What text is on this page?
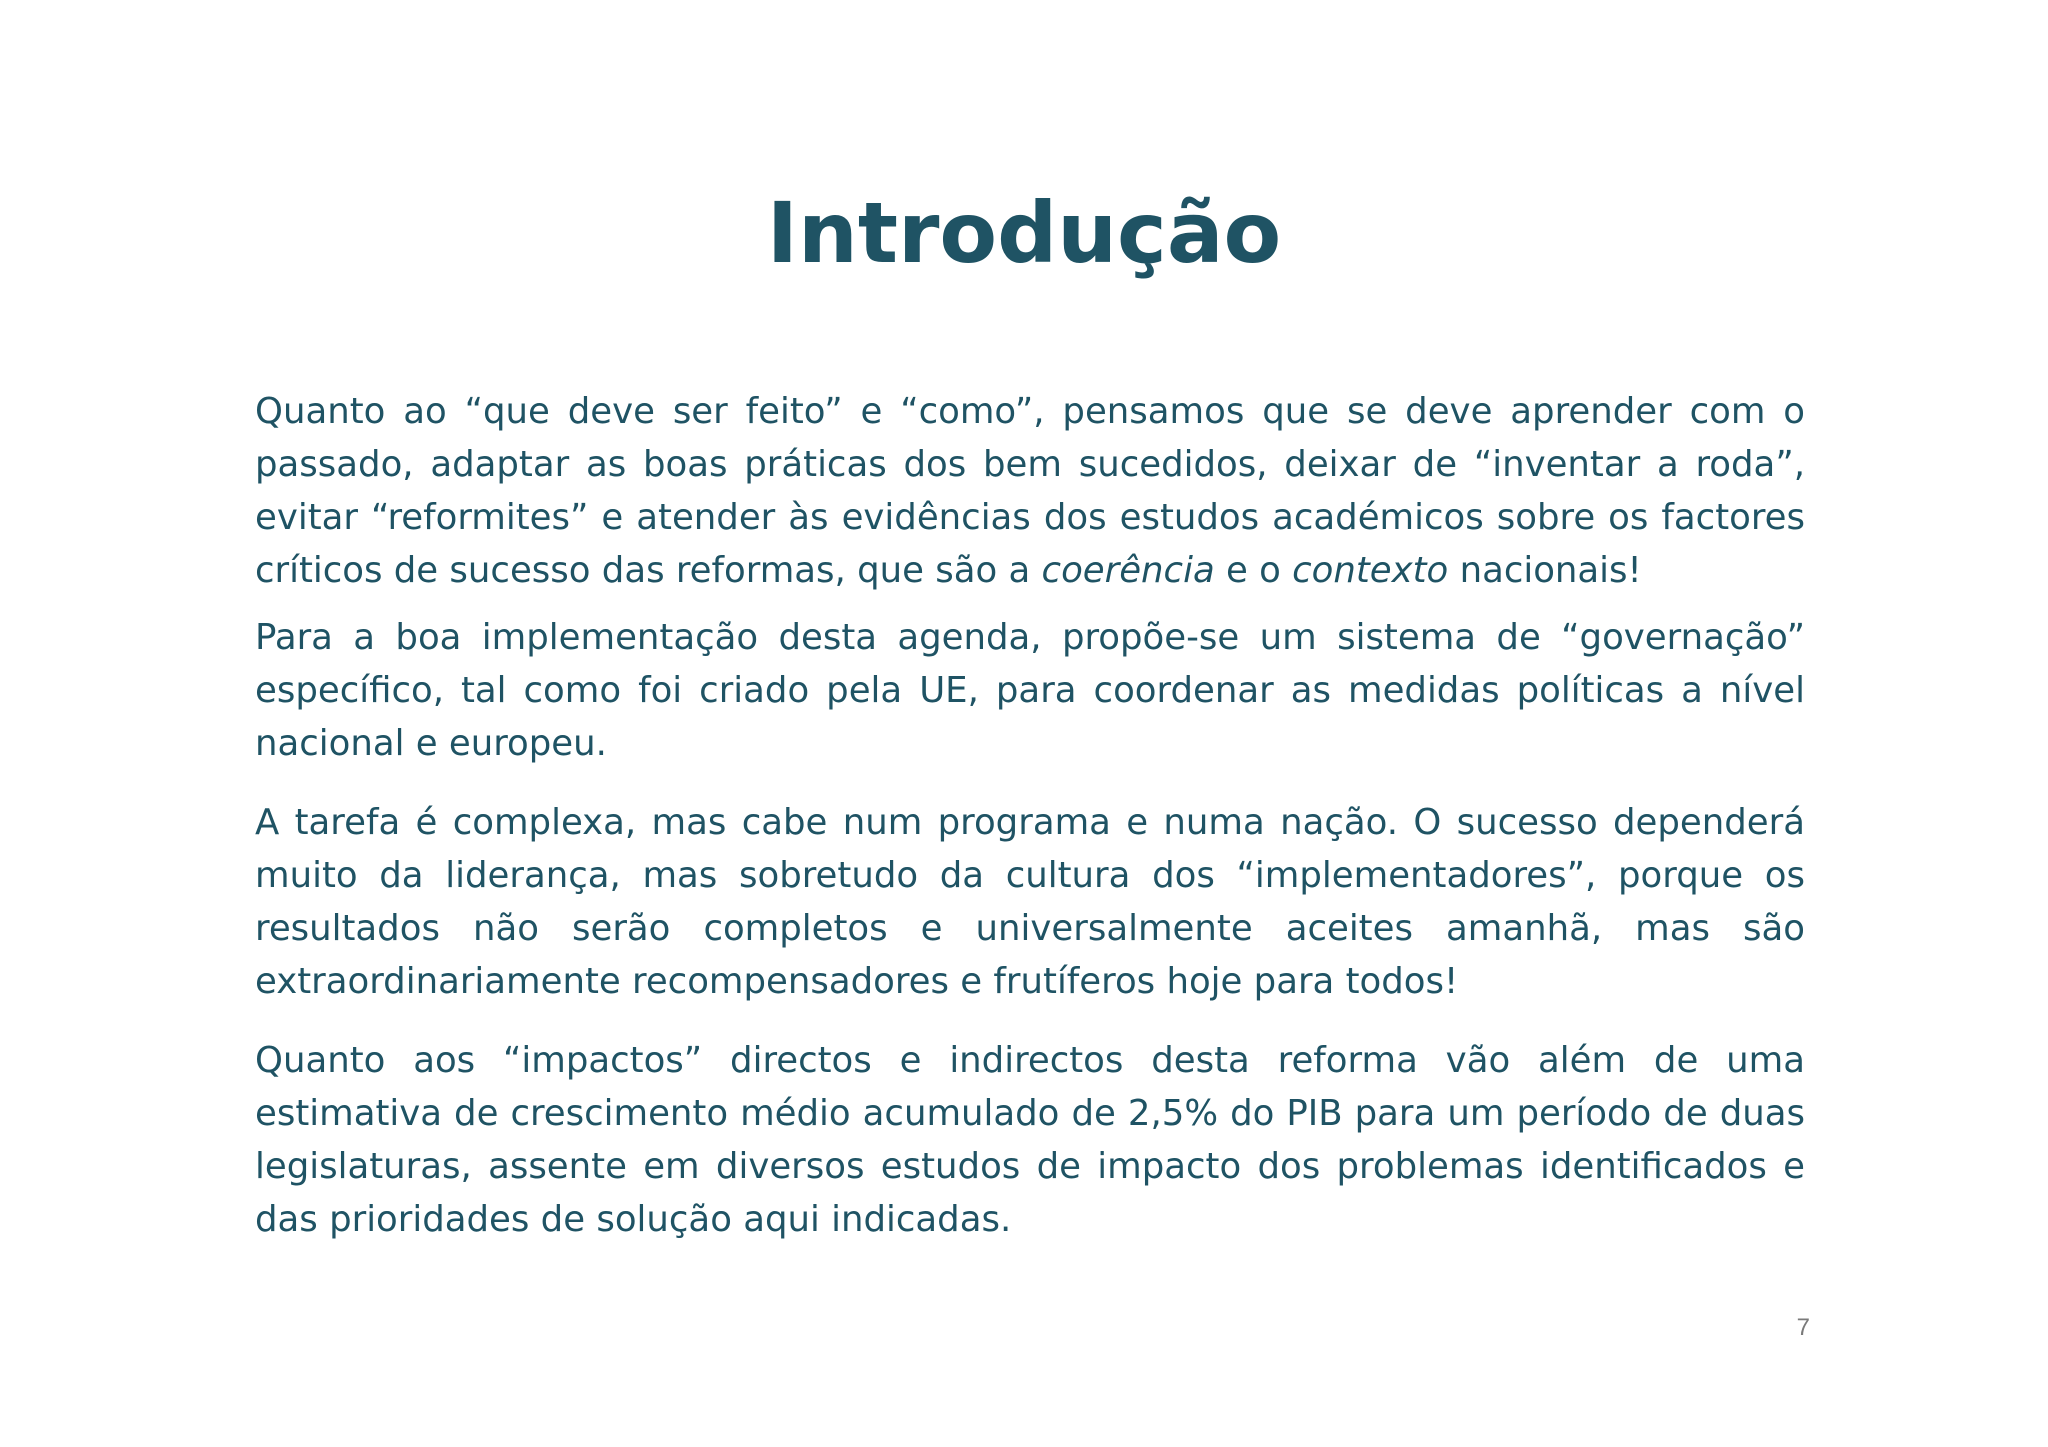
Introdução

Quanto ao “que deve ser feito” e “como”, pensamos que se deve aprender com o passado, adaptar as boas práticas dos bem sucedidos, deixar de “inventar a roda”, evitar “reformites” e atender às evidências dos estudos académicos sobre os factores críticos de sucesso das reformas, que são a coerência e o contexto nacionais!

Para a boa implementação desta agenda, propõe-se um sistema de “governação” específico, tal como foi criado pela UE, para coordenar as medidas políticas a nível nacional e europeu.

A tarefa é complexa, mas cabe num programa e numa nação. O sucesso dependerá muito da liderança, mas sobretudo da cultura dos “implementadores”, porque os resultados não serão completos e universalmente aceites amanhã, mas são extraordinariamente recompensadores e frutíferos hoje para todos!

Quanto aos “impactos” directos e indirectos desta reforma vão além de uma estimativa de crescimento médio acumulado de 2,5% do PIB para um período de duas legislaturas, assente em diversos estudos de impacto dos problemas identificados e das prioridades de solução aqui indicadas.

7
